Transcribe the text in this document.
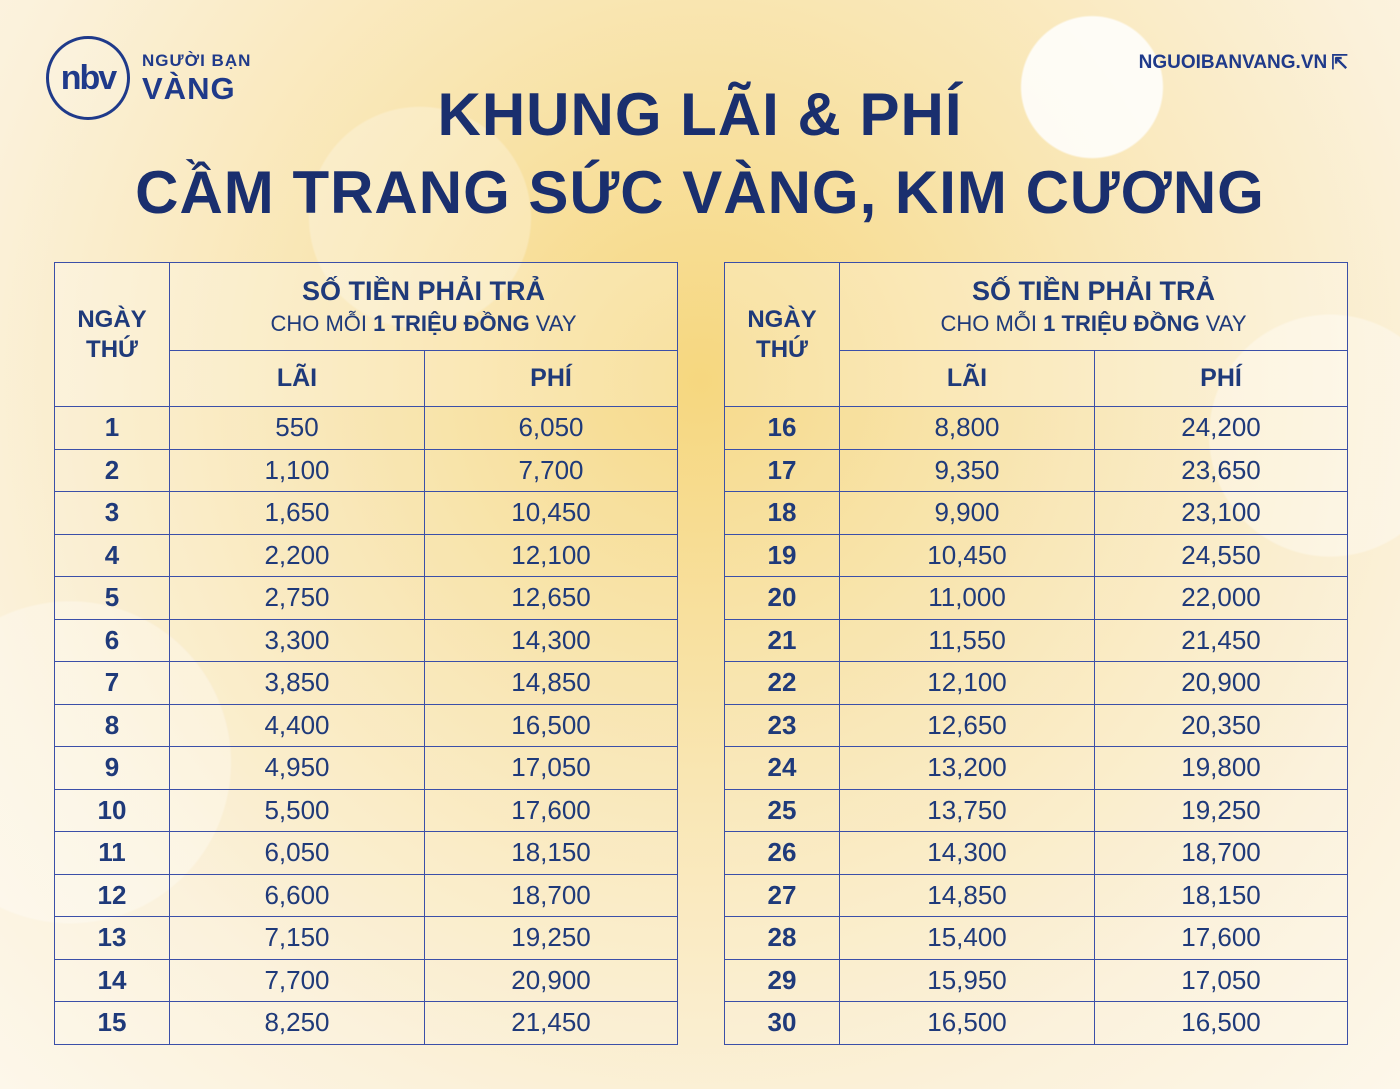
nbv	NGƯỜI BẠN
VÀNG
NGUOIBANVANG.VN ⇱
KHUNG LÃI & PHÍ
CẦM TRANG SỨC VÀNG, KIM CƯƠNG
NGÀY THỨ	SỐ TIỀN PHẢI TRẢ
CHO MỖI 1 TRIỆU ĐỒNG VAY	

	LÃI	PHÍ
1	550	6,050
2	1,100	7,700
3	1,650	10,450
4	2,200	12,100
5	2,750	12,650
6	3,300	14,300
7	3,850	14,850
8	4,400	16,500
9	4,950	17,050
10	5,500	17,600
11	6,050	18,150
12	6,600	18,700
13	7,150	19,250
14	7,700	20,900
15	8,250	21,450
NGÀY THỨ	SỐ TIỀN PHẢI TRẢ
CHO MỖI 1 TRIỆU ĐỒNG VAY	

	LÃI	PHÍ
16	8,800	24,200
17	9,350	23,650
18	9,900	23,100
19	10,450	24,550
20	11,000	22,000
21	11,550	21,450
22	12,100	20,900
23	12,650	20,350
24	13,200	19,800
25	13,750	19,250
26	14,300	18,700
27	14,850	18,150
28	15,400	17,600
29	15,950	17,050
30	16,500	16,500
